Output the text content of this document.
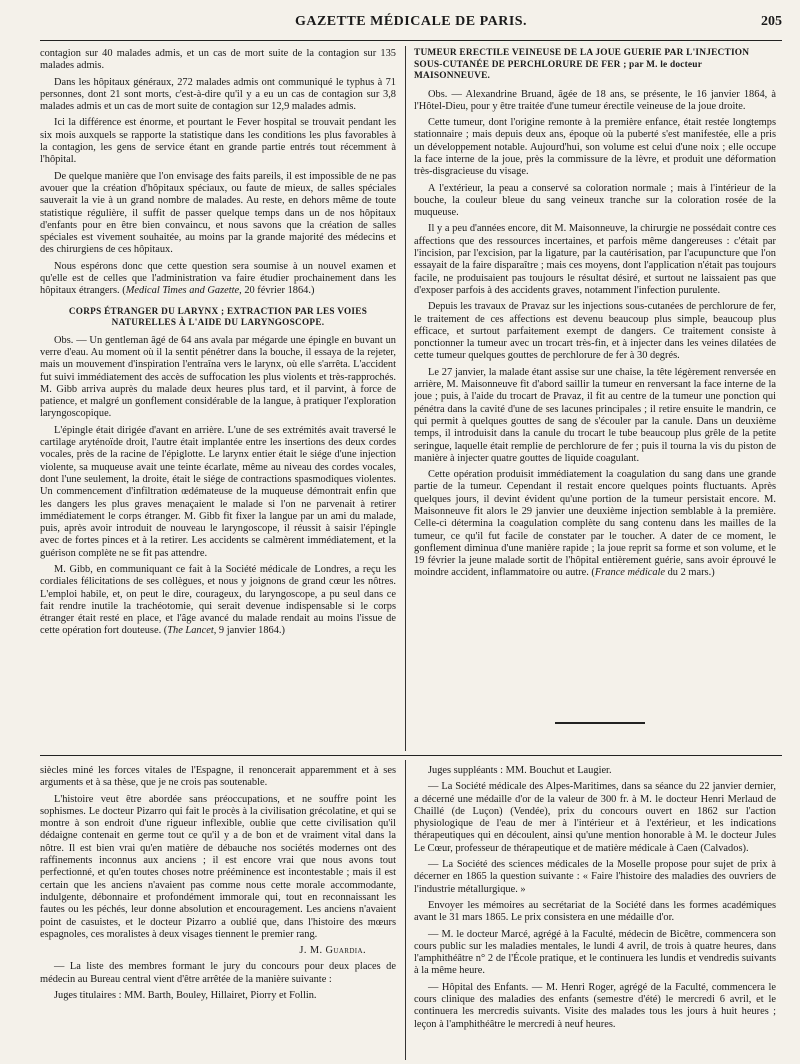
GAZETTE MÉDICALE DE PARIS.	205

contagion sur 40 malades admis, et un cas de mort suite de la contagion sur 135 malades admis.

Dans les hôpitaux généraux, 272 malades admis ont communiqué le typhus à 71 personnes, dont 21 sont morts, c'est-à-dire qu'il y a eu un cas de contagion sur 3,8 malades admis et un cas de mort suite de contagion sur 12,9 malades admis.

Ici la différence est énorme, et pourtant le Fever hospital se trouvait pendant les six mois auxquels se rapporte la statistique dans les conditions les plus favorables à la contagion, les gens de service étant en grande partie entrés tout récemment à l'hôpital.

De quelque manière que l'on envisage des faits pareils, il est impossible de ne pas avouer que la création d'hôpitaux spéciaux, ou faute de mieux, de salles spéciales sauverait la vie à un grand nombre de malades. Au reste, en dehors même de toute statistique régulière, il suffit de passer quelque temps dans un de nos hôpitaux d'enfants pour en être bien convaincu, et nous savons que la création de salles spéciales est vivement souhaitée, au moins par la grande majorité des médecins et des chirurgiens de ces hôpitaux.

Nous espérons donc que cette question sera soumise à un nouvel examen et qu'elle est de celles que l'administration va faire étudier prochainement dans les hôpitaux étrangers. (Medical Times and Gazette, 20 février 1864.)

CORPS ÉTRANGER DU LARYNX ; EXTRACTION PAR LES VOIES NATURELLES À L'AIDE DU LARYNGOSCOPE.

Obs. — Un gentleman âgé de 64 ans avala par mégarde une épingle en buvant un verre d'eau. Au moment où il la sentit pénétrer dans la bouche, il essaya de la rejeter, mais un mouvement d'inspiration l'entraîna vers le larynx, où elle s'arrêta. L'accident fut suivi immédiatement des accès de suffocation les plus violents et très-rapprochés. M. Gibb arriva auprès du malade deux heures plus tard, et il parvint, à force de patience, et malgré un gonflement considérable de la langue, à pratiquer l'exploration laryngoscopique.

L'épingle était dirigée d'avant en arrière. L'une de ses extrémités avait traversé le cartilage aryténoïde droit, l'autre était implantée entre les insertions des deux cordes vocales, près de la racine de l'épiglotte. Le larynx entier était le siége d'une injection violente, sa muqueuse avait une teinte écarlate, même au niveau des cordes vocales, dont l'une seulement, la droite, était le siége de contractions spasmodiques violentes. Un commencement d'infiltration œdémateuse de la muqueuse démontrait enfin que les dangers les plus graves menaçaient le malade si l'on ne parvenait à retirer immédiatement le corps étranger. M. Gibb fit fixer la langue par un ami du malade, puis, après avoir introduit de nouveau le laryngoscope, il réussit à saisir l'épingle avec de fortes pinces et à la retirer. Les accidents se calmèrent immédiatement, et la guérison complète ne se fit pas attendre.

M. Gibb, en communiquant ce fait à la Société médicale de Londres, a reçu les cordiales félicitations de ses collègues, et nous y joignons de grand cœur les nôtres. L'emploi habile, et, on peut le dire, courageux, du laryngoscope, a pu seul dans ce fait rendre inutile la trachéotomie, qui serait devenue indispensable si le corps étranger était resté en place, et l'âge avancé du malade rendait au moins l'issue de cette opération fort douteuse. (The Lancet, 9 janvier 1864.)

TUMEUR ÉRECTILE VEINEUSE DE LA JOUE GUÉRIE PAR L'INJECTION SOUS-CUTANÉE DE PERCHLORURE DE FER ; par M. le docteur MAISONNEUVE.

Obs. — Alexandrine Bruand, âgée de 18 ans, se présente, le 16 janvier 1864, à l'Hôtel-Dieu, pour y être traitée d'une tumeur érectile veineuse de la joue droite.

Cette tumeur, dont l'origine remonte à la première enfance, était restée longtemps stationnaire ; mais depuis deux ans, époque où la puberté s'est manifestée, elle a pris un développement notable. Aujourd'hui, son volume est celui d'une noix ; elle occupe la face interne de la joue, près la commissure de la lèvre, et produit une déformation très-disgracieuse du visage.

A l'extérieur, la peau a conservé sa coloration normale ; mais à l'intérieur de la bouche, la couleur bleue du sang veineux tranche sur la coloration rosée de la muqueuse.

Il y a peu d'années encore, dit M. Maisonneuve, la chirurgie ne possédait contre ces affections que des ressources incertaines, et parfois même dangereuses : c'était par l'incision, par l'excision, par la ligature, par la cautérisation, par l'acupuncture que l'on essayait de la faire disparaître ; mais ces moyens, dont l'application n'était pas toujours facile, ne produisaient pas toujours le résultat désiré, et surtout ne laissaient pas que d'exposer parfois à des accidents graves, notamment l'infection purulente.

Depuis les travaux de Pravaz sur les injections sous-cutanées de perchlorure de fer, le traitement de ces affections est devenu beaucoup plus simple, beaucoup plus efficace, et surtout parfaitement exempt de dangers. Ce traitement consiste à ponctionner la tumeur avec un trocart très-fin, et à injecter dans les veines dilatées de cette tumeur quelques gouttes de perchlorure de fer à 30 degrés.

Le 27 janvier, la malade étant assise sur une chaise, la tête légèrement renversée en arrière, M. Maisonneuve fit d'abord saillir la tumeur en renversant la face interne de la joue ; puis, à l'aide du trocart de Pravaz, il fit au centre de la tumeur une ponction qui pénétra dans la cavité d'une de ses lacunes principales ; il retire ensuite le mandrin, ce qui permit à quelques gouttes de sang de s'écouler par la canule. Dans un deuxième temps, il introduisit dans la canule du trocart le tube beaucoup plus grêle de la petite seringue, laquelle était remplie de perchlorure de fer ; puis il tourna la vis du piston de manière à injecter quatre gouttes de liquide coagulant.

Cette opération produisit immédiatement la coagulation du sang dans une grande partie de la tumeur. Cependant il restait encore quelques points fluctuants. Après quelques jours, il devint évident qu'une portion de la tumeur persistait encore. M. Maisonneuve fit alors le 29 janvier une deuxième injection semblable à la première. Celle-ci détermina la coagulation complète du sang contenu dans les mailles de la tumeur, ce qu'il fut facile de constater par le toucher. A dater de ce moment, le gonflement diminua d'une manière rapide ; la joue reprit sa forme et son volume, et le 19 février la jeune malade sortit de l'hôpital entièrement guérie, sans avoir éprouvé le moindre accident, inflammatoire ou autre. (France médicale du 2 mars.)

siècles miné les forces vitales de l'Espagne, il renoncerait apparemment et à ses arguments et à sa thèse, que je ne crois pas soutenable.

L'histoire veut être abordée sans préoccupations, et ne souffre point les sophismes. Le docteur Pizarro qui fait le procès à la civilisation grécolatine, et qui se montre à son endroit d'une rigueur inflexible, oublie que cette civilisation qu'il dédaigne contenait en germe tout ce qu'il y a de bon et de vraiment vital dans la nôtre. Il est bien vrai qu'en matière de débauche nos sociétés modernes ont des raffinements inconnus aux anciens ; il est encore vrai que nous avons tout perfectionné, et qu'en toutes choses notre prééminence est incontestable ; mais il est certain que les anciens n'avaient pas comme nous cette morale accommodante, indulgente, débonnaire et profondément immorale qui, tout en reconnaissant les fautes ou les péchés, leur donne absolution et encouragement. Les anciens n'avaient point de casuistes, et le docteur Pizarro a oublié que, dans l'histoire des mœurs espagnoles, ces moralistes à deux visages tiennent le premier rang.

J. M. Guardia.

— La liste des membres formant le jury du concours pour deux places de médecin au Bureau central vient d'être arrêtée de la manière suivante :

Juges titulaires : MM. Barth, Bouley, Hillairet, Piorry et Follin.

Juges suppléants : MM. Bouchut et Laugier.

— La Société médicale des Alpes-Maritimes, dans sa séance du 22 janvier dernier, a décerné une médaille d'or de la valeur de 300 fr. à M. le docteur Henri Merlaud de Chaillé (de Luçon) (Vendée), prix du concours ouvert en 1862 sur l'action physiologique de l'eau de mer à l'intérieur et à l'extérieur, et les indications thérapeutiques qui en découlent, ainsi qu'une mention honorable à M. le docteur Jules Le Cœur, professeur de thérapeutique et de matière médicale à Caen (Calvados).

— La Société des sciences médicales de la Moselle propose pour sujet de prix à décerner en 1865 la question suivante : « Faire l'histoire des maladies des ouvriers de l'industrie métallurgique. »

Envoyer les mémoires au secrétariat de la Société dans les formes académiques avant le 31 mars 1865. Le prix consistera en une médaille d'or.

— M. le docteur Marcé, agrégé à la Faculté, médecin de Bicêtre, commencera son cours public sur les maladies mentales, le lundi 4 avril, de trois à quatre heures, dans l'amphithéâtre n° 2 de l'École pratique, et le continuera les lundis et vendredis suivants à la même heure.

— Hôpital des Enfants. — M. Henri Roger, agrégé de la Faculté, commencera le cours clinique des maladies des enfants (semestre d'été) le mercredi 6 avril, et le continuera les mercredis suivants. Visite des malades tous les jours à huit heures ; leçon à l'amphithéâtre le mercredi à neuf heures.
